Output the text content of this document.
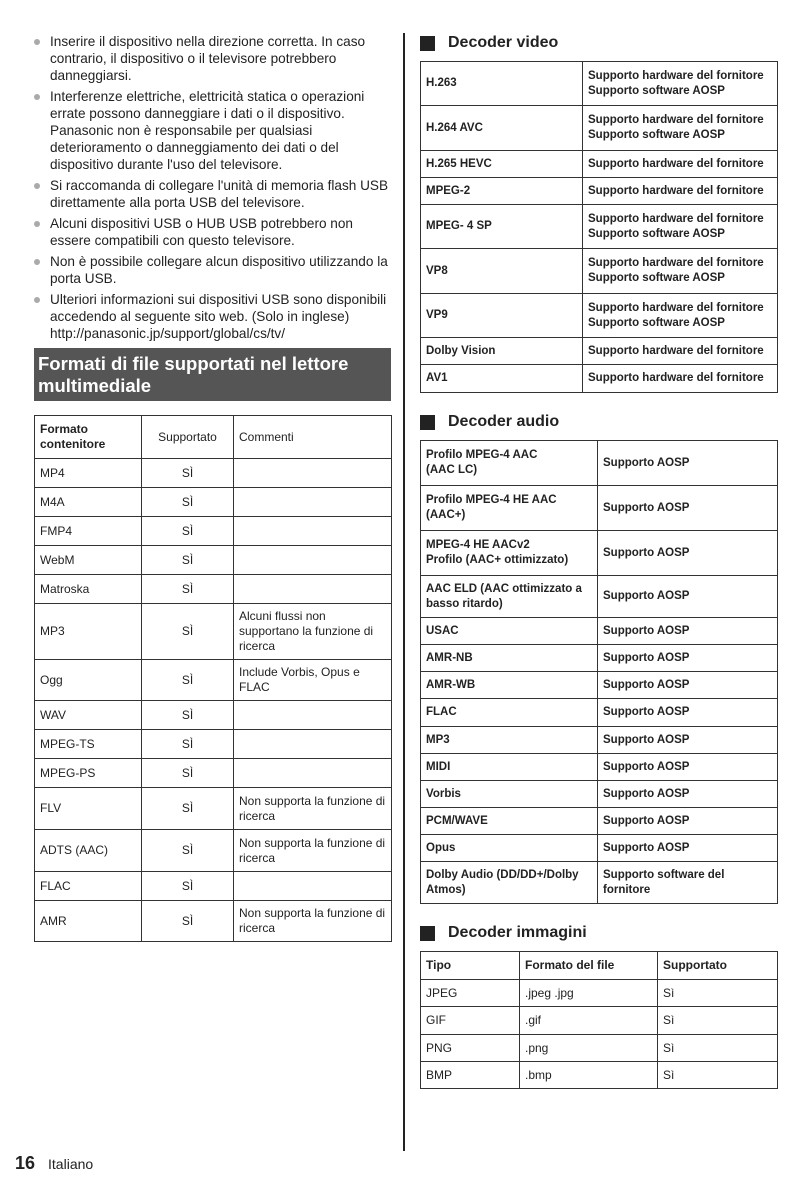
Inserire il dispositivo nella direzione corretta. In caso contrario, il dispositivo o il televisore potrebbero danneggiarsi.
Interferenze elettriche, elettricità statica o operazioni errate possono danneggiare i dati o il dispositivo. Panasonic non è responsabile per qualsiasi deterioramento o danneggiamento dei dati o del dispositivo durante l'uso del televisore.
Si raccomanda di collegare l'unità di memoria flash USB direttamente alla porta USB del televisore.
Alcuni dispositivi USB o HUB USB potrebbero non essere compatibili con questo televisore.
Non è possibile collegare alcun dispositivo utilizzando la porta USB.
Ulteriori informazioni sui dispositivi USB sono disponibili accedendo al seguente sito web. (Solo in inglese)
http://panasonic.jp/support/global/cs/tv/
Formati di file supportati nel lettore multimediale
Formato contenitore	Supportato	Commenti
MP4	SÌ	
M4A	SÌ	
FMP4	SÌ	
WebM	SÌ	
Matroska	SÌ	
MP3	SÌ	Alcuni flussi non supportano la funzione di ricerca
Ogg	SÌ	Include Vorbis, Opus e FLAC
WAV	SÌ	
MPEG-TS	SÌ	
MPEG-PS	SÌ	
FLV	SÌ	Non supporta la funzione di ricerca
ADTS (AAC)	SÌ	Non supporta la funzione di ricerca
FLAC	SÌ	
AMR	SÌ	Non supporta la funzione di ricerca
Decoder video
H.263	Supporto hardware del fornitore
Supporto software AOSP
H.264 AVC	Supporto hardware del fornitore
Supporto software AOSP
H.265 HEVC	Supporto hardware del fornitore
MPEG-2	Supporto hardware del fornitore
MPEG- 4 SP	Supporto hardware del fornitore
Supporto software AOSP
VP8	Supporto hardware del fornitore
Supporto software AOSP
VP9	Supporto hardware del fornitore
Supporto software AOSP
Dolby Vision	Supporto hardware del fornitore
AV1	Supporto hardware del fornitore
Decoder audio
Profilo MPEG-4 AAC
(AAC LC)	Supporto AOSP
Profilo MPEG-4 HE AAC
(AAC+)	Supporto AOSP
MPEG-4 HE AACv2
Profilo (AAC+ ottimizzato)	Supporto AOSP
AAC ELD (AAC ottimizzato a basso ritardo)	Supporto AOSP
USAC	Supporto AOSP
AMR-NB	Supporto AOSP
AMR-WB	Supporto AOSP
FLAC	Supporto AOSP
MP3	Supporto AOSP
MIDI	Supporto AOSP
Vorbis	Supporto AOSP
PCM/WAVE	Supporto AOSP
Opus	Supporto AOSP
Dolby Audio (DD/DD+/Dolby Atmos)	Supporto software del fornitore
Decoder immagini
Tipo	Formato del file	Supportato
JPEG	.jpeg .jpg	Sì
GIF	.gif	Sì
PNG	.png	Sì
BMP	.bmp	Sì
16 Italiano
